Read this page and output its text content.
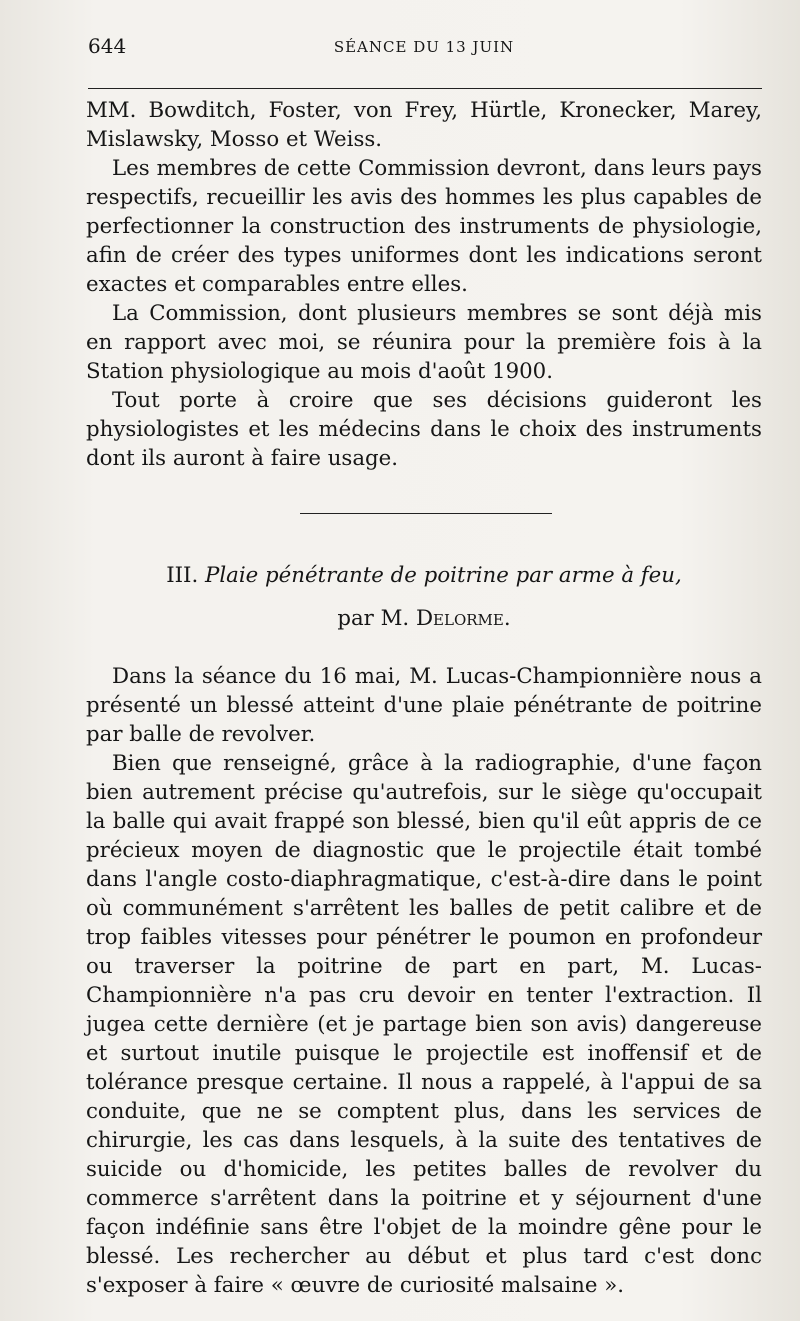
644	SÉANCE DU 13 JUIN

MM. Bowditch, Foster, von Frey, Hürtle, Kronecker, Marey, Mislawsky, Mosso et Weiss.

Les membres de cette Commission devront, dans leurs pays respectifs, recueillir les avis des hommes les plus capables de perfectionner la construction des instruments de physiologie, afin de créer des types uniformes dont les indications seront exactes et comparables entre elles.

La Commission, dont plusieurs membres se sont déjà mis en rapport avec moi, se réunira pour la première fois à la Station physiologique au mois d'août 1900.

Tout porte à croire que ses décisions guideront les physiologistes et les médecins dans le choix des instruments dont ils auront à faire usage.

III. Plaie pénétrante de poitrine par arme à feu,
par M. Delorme.

Dans la séance du 16 mai, M. Lucas-Championnière nous a présenté un blessé atteint d'une plaie pénétrante de poitrine par balle de revolver.

Bien que renseigné, grâce à la radiographie, d'une façon bien autrement précise qu'autrefois, sur le siège qu'occupait la balle qui avait frappé son blessé, bien qu'il eût appris de ce précieux moyen de diagnostic que le projectile était tombé dans l'angle costo-diaphragmatique, c'est-à-dire dans le point où communément s'arrêtent les balles de petit calibre et de trop faibles vitesses pour pénétrer le poumon en profondeur ou traverser la poitrine de part en part, M. Lucas-Championnière n'a pas cru devoir en tenter l'extraction. Il jugea cette dernière (et je partage bien son avis) dangereuse et surtout inutile puisque le projectile est inoffensif et de tolérance presque certaine. Il nous a rappelé, à l'appui de sa conduite, que ne se comptent plus, dans les services de chirurgie, les cas dans lesquels, à la suite des tentatives de suicide ou d'homicide, les petites balles de revolver du commerce s'arrêtent dans la poitrine et y séjournent d'une façon indéfinie sans être l'objet de la moindre gêne pour le blessé. Les rechercher au début et plus tard c'est donc s'exposer à faire « œuvre de curiosité malsaine ».
